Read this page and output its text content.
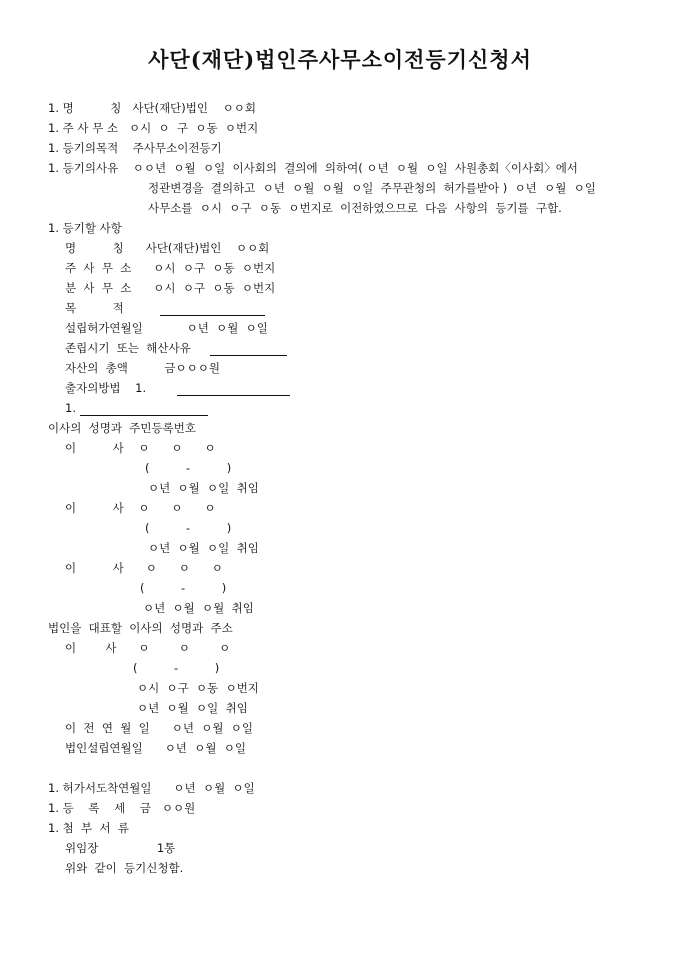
사단(재단)법인주사무소이전등기신청서
1. 명          칭   사단(재단)법인    ㅇㅇ회
1. 주 사 무 소   ㅇ시  ㅇ  구  ㅇ동  ㅇ번지
1. 등기의목적    주사무소이전등기
1. 등기의사유    ㅇㅇ년  ㅇ월  ㅇ일  이사회의  결의에  의하여( ㅇ년  ㅇ월  ㅇ일  사원총회〈이사회〉에서
정관변경을  결의하고  ㅇ년  ㅇ월  ㅇ월  ㅇ일  주무관청의  허가를받아 )  ㅇ년  ㅇ월  ㅇ일
사무소를  ㅇ시  ㅇ구  ㅇ동  ㅇ번지로  이전하였으므로  다음  사항의  등기를  구함.
1. 등기할 사항
명          칭      사단(재단)법인    ㅇㅇ회
주  사  무  소      ㅇ시  ㅇ구  ㅇ동  ㅇ번지
분  사  무  소      ㅇ시  ㅇ구  ㅇ동  ㅇ번지
목          적
설립허가연월일            ㅇ년  ㅇ월  ㅇ일
존립시기  또는  해산사유
자산의  총액          금ㅇㅇㅇ원
출자의방법    1.
1.
이사의  성명과  주민등록번호
이          사    ㅇ      ㅇ      ㅇ
(          -          )
ㅇ년  ㅇ월  ㅇ일  취임
이          사    ㅇ      ㅇ      ㅇ
(          -          )
ㅇ년  ㅇ월  ㅇ일  취임
이          사      ㅇ      ㅇ      ㅇ
(          -          )
ㅇ년  ㅇ월  ㅇ월  취임
법인을  대표할  이사의  성명과  주소
이        사      ㅇ        ㅇ        ㅇ
(          -          )
ㅇ시  ㅇ구  ㅇ동  ㅇ번지
ㅇ년  ㅇ월  ㅇ일  취임
이  전  연  월  일      ㅇ년  ㅇ월  ㅇ일
법인설립연월일      ㅇ년  ㅇ월  ㅇ일
1. 허가서도착연월일      ㅇ년  ㅇ월  ㅇ일
1. 등    록    세    금   ㅇㅇ원
1. 첨  부  서  류
위임장                1통
위와  같이  등기신청함.
